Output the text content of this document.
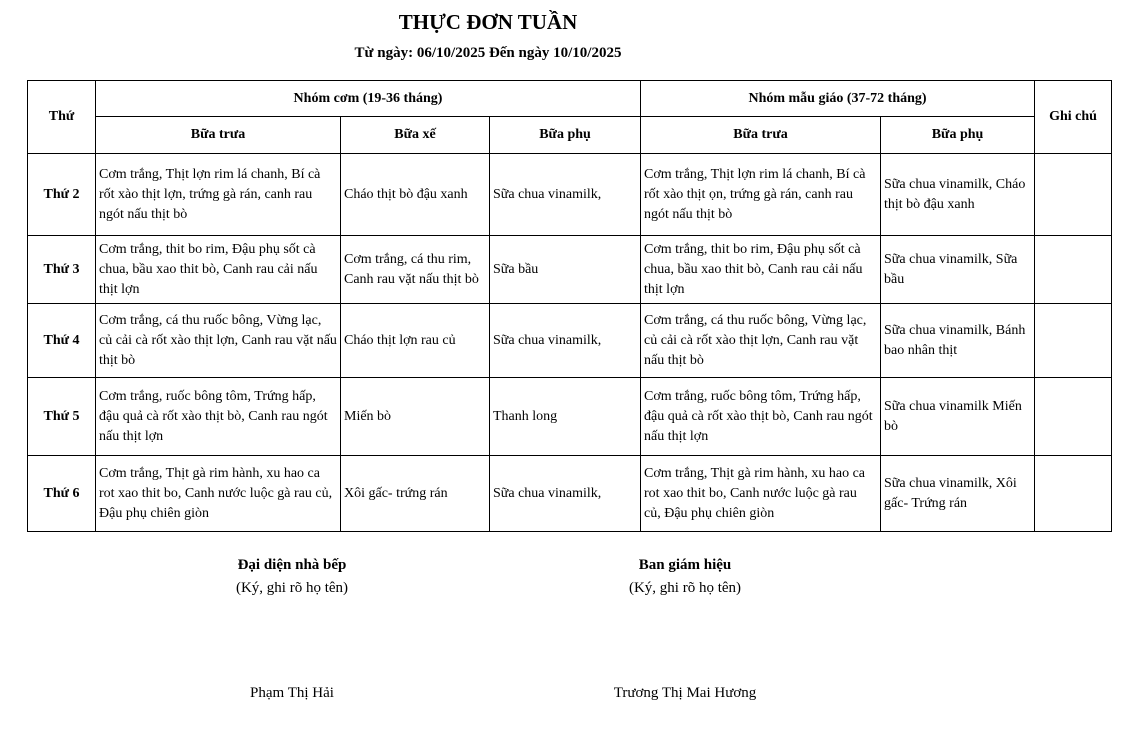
THỰC ĐƠN TUẦN
Từ ngày: 06/10/2025 Đến ngày 10/10/2025
Thứ	Nhóm cơm (19-36 tháng)			Nhóm mẫu giáo (37-72 tháng)		Ghi chú
	Bữa trưa	Bữa xế	Bữa phụ	Bữa trưa	Bữa phụ	
Thứ 2	Cơm trắng, Thịt lợn rim lá chanh, Bí cà rốt xào thịt lợn, trứng gà rán, canh rau ngót nấu thịt bò	Cháo thịt bò đậu xanh	Sữa chua vinamilk,	Cơm trắng, Thịt lợn rim lá chanh, Bí cà rốt xào thịt ọn, trứng gà rán, canh rau ngót nấu thịt bò	Sữa chua vinamilk, Cháo thịt bò đậu xanh	
Thứ 3	Cơm trắng, thit bo rim, Đậu phụ sốt cà chua, bầu xao thit bò, Canh rau cải nấu thịt lợn	Cơm trắng, cá thu rim, Canh rau vặt nấu thịt bò	Sữa bầu	Cơm trắng, thit bo rim, Đậu phụ sốt cà chua, bầu xao thit bò, Canh rau cải nấu thịt lợn	Sữa chua vinamilk, Sữa bầu	
Thứ 4	Cơm trắng, cá thu ruốc bông, Vừng lạc, củ cải cà rốt xào thịt lợn, Canh rau vặt nấu thịt bò	Cháo thịt lợn rau củ	Sữa chua vinamilk,	Cơm trắng, cá thu ruốc bông, Vừng lạc, củ cải cà rốt xào thịt lợn, Canh rau vặt nấu thịt bò	Sữa chua vinamilk, Bánh bao nhân thịt	
Thứ 5	Cơm trắng, ruốc bông tôm, Trứng hấp, đậu quả cà rốt xào thịt bò, Canh rau ngót nấu thịt lợn	Miến bò	Thanh long	Cơm trắng, ruốc bông tôm, Trứng hấp, đậu quả cà rốt xào thịt bò, Canh rau ngót nấu thịt lợn	Sữa chua vinamilk Miến bò	
Thứ 6	Cơm trắng, Thịt gà rim hành, xu hao ca rot xao thit bo, Canh nước luộc gà rau củ, Đậu phụ chiên giòn	Xôi gấc- trứng rán	Sữa chua vinamilk,	Cơm trắng, Thịt gà rim hành, xu hao ca rot xao thit bo, Canh nước luộc gà rau củ, Đậu phụ chiên giòn	Sữa chua vinamilk, Xôi gấc- Trứng rán	
Đại diện nhà bếp
(Ký, ghi rõ họ tên)
Phạm Thị Hải
Ban giám hiệu
(Ký, ghi rõ họ tên)
Trương Thị Mai Hương
